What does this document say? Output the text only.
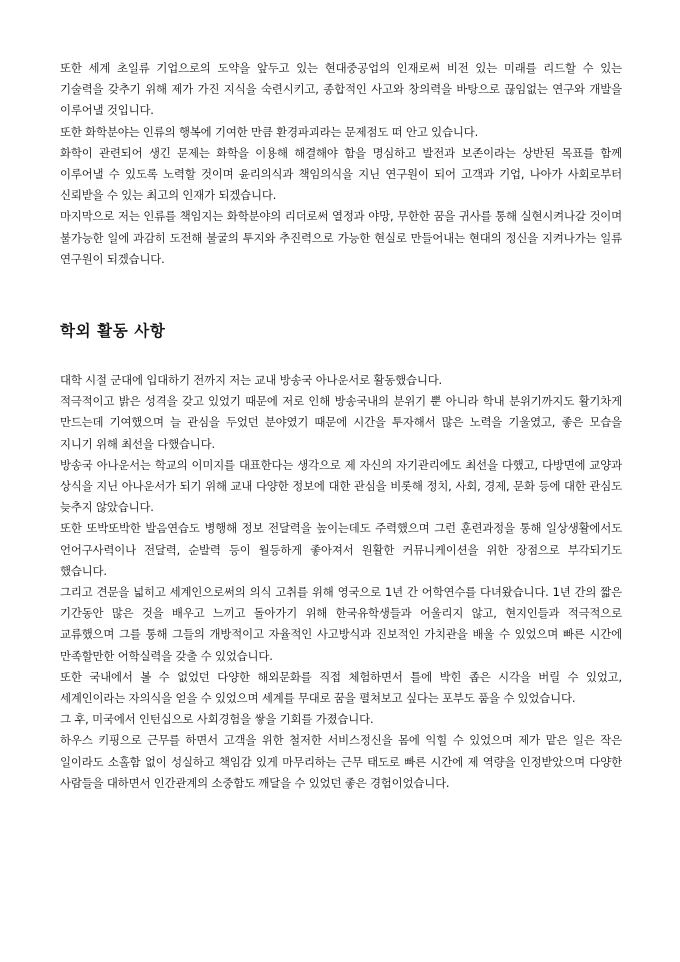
또한 세계 초일류 기업으로의 도약을 앞두고 있는 현대중공업의 인재로써 비전 있는 미래를 리드할 수 있는 기술력을 갖추기 위해 제가 가진 지식을 숙련시키고, 종합적인 사고와 창의력을 바탕으로 끊임없는 연구와 개발을 이루어낼 것입니다.

또한 화학분야는 인류의 행복에 기여한 만큼 환경파괴라는 문제점도 떠 안고 있습니다.

화학이 관련되어 생긴 문제는 화학을 이용해 해결해야 함을 명심하고 발전과 보존이라는 상반된 목표를 함께 이루어낼 수 있도록 노력할 것이며 윤리의식과 책임의식을 지닌 연구원이 되어 고객과 기업, 나아가 사회로부터 신뢰받을 수 있는 최고의 인재가 되겠습니다.

마지막으로 저는 인류를 책임지는 화학분야의 리더로써 열정과 야망, 무한한 꿈을 귀사를 통해 실현시켜나갈 것이며 불가능한 일에 과감히 도전해 불굴의 투지와 추진력으로 가능한 현실로 만들어내는 현대의 정신을 지켜나가는 일류 연구원이 되겠습니다.

학외 활동 사항

대학 시절 군대에 입대하기 전까지 저는 교내 방송국 아나운서로 활동했습니다.

적극적이고 밝은 성격을 갖고 있었기 때문에 저로 인해 방송국내의 분위기 뿐 아니라 학내 분위기까지도 활기차게 만드는데 기여했으며 늘 관심을 두었던 분야였기 때문에 시간을 투자해서 많은 노력을 기울였고, 좋은 모습을 지니기 위해 최선을 다했습니다.

방송국 아나운서는 학교의 이미지를 대표한다는 생각으로 제 자신의 자기관리에도 최선을 다했고, 다방면에 교양과 상식을 지닌 아나운서가 되기 위해 교내 다양한 정보에 대한 관심을 비롯해 정치, 사회, 경제, 문화 등에 대한 관심도 늦추지 않았습니다.

또한 또박또박한 발음연습도 병행해 정보 전달력을 높이는데도 주력했으며 그런 훈련과정을 통해 일상생활에서도 언어구사력이나 전달력, 순발력 등이 월등하게 좋아져서 원활한 커뮤니케이션을 위한 장점으로 부각되기도 했습니다.

그리고 견문을 넓히고 세계인으로써의 의식 고취를 위해 영국으로 1년 간 어학연수를 다녀왔습니다. 1년 간의 짧은 기간동안 많은 것을 배우고 느끼고 돌아가기 위해 한국유학생들과 어울리지 않고, 현지인들과 적극적으로 교류했으며 그를 통해 그들의 개방적이고 자율적인 사고방식과 진보적인 가치관을 배울 수 있었으며 빠른 시간에 만족할만한 어학실력을 갖출 수 있었습니다.

또한 국내에서 볼 수 없었던 다양한 해외문화를 직접 체험하면서 틀에 박힌 좁은 시각을 버릴 수 있었고, 세계인이라는 자의식을 얻을 수 있었으며 세계를 무대로 꿈을 펼쳐보고 싶다는 포부도 품을 수 있었습니다.

그 후, 미국에서 인턴십으로 사회경험을 쌓을 기회를 가졌습니다.

하우스 키핑으로 근무를 하면서 고객을 위한 철저한 서비스정신을 몸에 익힐 수 있었으며 제가 맡은 일은 작은 일이라도 소홀함 없이 성실하고 책임감 있게 마무리하는 근무 태도로 빠른 시간에 제 역량을 인정받았으며 다양한 사람들을 대하면서 인간관계의 소중함도 깨달을 수 있었던 좋은 경험이었습니다.
